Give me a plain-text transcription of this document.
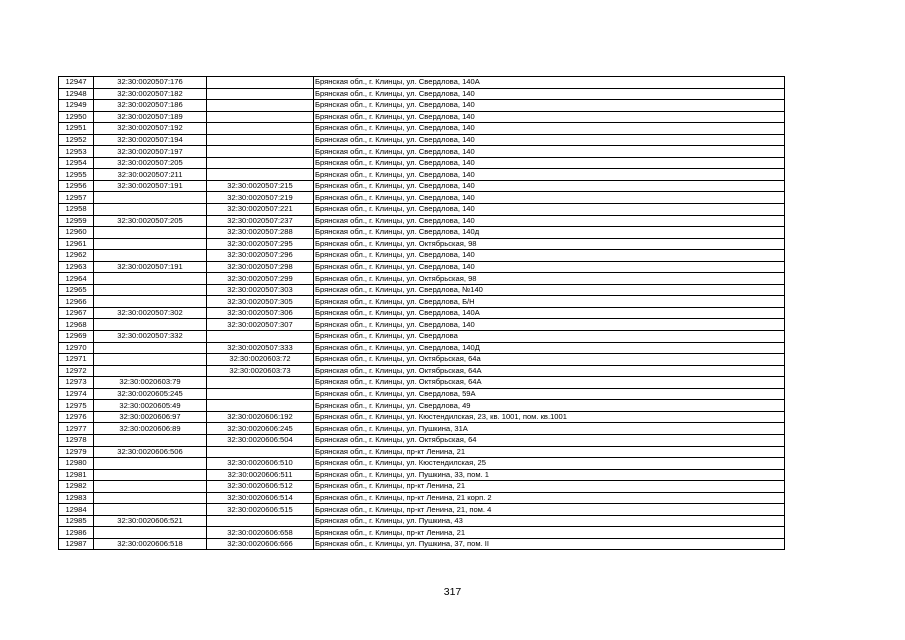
12947	32:30:0020507:176		Брянская обл., г. Клинцы, ул. Свердлова, 140А
12948	32:30:0020507:182		Брянская обл., г. Клинцы, ул. Свердлова, 140
12949	32:30:0020507:186		Брянская обл., г. Клинцы, ул. Свердлова, 140
12950	32:30:0020507:189		Брянская обл., г. Клинцы, ул. Свердлова, 140
12951	32:30:0020507:192		Брянская обл., г. Клинцы, ул. Свердлова, 140
12952	32:30:0020507:194		Брянская обл., г. Клинцы, ул. Свердлова, 140
12953	32:30:0020507:197		Брянская обл., г. Клинцы, ул. Свердлова, 140
12954	32:30:0020507:205		Брянская обл., г. Клинцы, ул. Свердлова, 140
12955	32:30:0020507:211		Брянская обл., г. Клинцы, ул. Свердлова, 140
12956	32:30:0020507:191	32:30:0020507:215	Брянская обл., г. Клинцы, ул. Свердлова, 140
12957		32:30:0020507:219	Брянская обл., г. Клинцы, ул. Свердлова, 140
12958		32:30:0020507:221	Брянская обл., г. Клинцы, ул. Свердлова, 140
12959	32:30:0020507:205	32:30:0020507:237	Брянская обл., г. Клинцы, ул. Свердлова, 140
12960		32:30:0020507:288	Брянская обл., г. Клинцы, ул. Свердлова, 140д
12961		32:30:0020507:295	Брянская обл., г. Клинцы, ул. Октябрьская, 98
12962		32:30:0020507:296	Брянская обл., г. Клинцы, ул. Свердлова, 140
12963	32:30:0020507:191	32:30:0020507:298	Брянская обл., г. Клинцы, ул. Свердлова, 140
12964		32:30:0020507:299	Брянская обл., г. Клинцы, ул. Октябрьская, 98
12965		32:30:0020507:303	Брянская обл., г. Клинцы, ул. Свердлова, №140
12966		32:30:0020507:305	Брянская обл., г. Клинцы, ул. Свердлова, Б/Н
12967	32:30:0020507:302	32:30:0020507:306	Брянская обл., г. Клинцы, ул. Свердлова, 140А
12968		32:30:0020507:307	Брянская обл., г. Клинцы, ул. Свердлова, 140
12969	32:30:0020507:332		Брянская обл., г. Клинцы, ул. Свердлова
12970		32:30:0020507:333	Брянская обл., г. Клинцы, ул. Свердлова, 140Д
12971		32:30:0020603:72	Брянская обл., г. Клинцы, ул. Октябрьская, 64а
12972		32:30:0020603:73	Брянская обл., г. Клинцы, ул. Октябрьская, 64А
12973	32:30:0020603:79		Брянская обл., г. Клинцы, ул. Октябрьская, 64А
12974	32:30:0020605:245		Брянская обл., г. Клинцы, ул. Свердлова, 59А
12975	32:30:0020605:49		Брянская обл., г. Клинцы, ул. Свердлова, 49
12976	32:30:0020606:97	32:30:0020606:192	Брянская обл., г. Клинцы, ул. Кюстендилская, 23, кв. 1001, пом. кв.1001
12977	32:30:0020606:89	32:30:0020606:245	Брянская обл., г. Клинцы, ул. Пушкина, 31А
12978		32:30:0020606:504	Брянская обл., г. Клинцы, ул. Октябрьская, 64
12979	32:30:0020606:506		Брянская обл., г. Клинцы, пр-кт Ленина, 21
12980		32:30:0020606:510	Брянская обл., г. Клинцы, ул. Кюстендилская, 25
12981		32:30:0020606:511	Брянская обл., г. Клинцы, ул. Пушкина, 33, пом. 1
12982		32:30:0020606:512	Брянская обл., г. Клинцы, пр-кт Ленина, 21
12983		32:30:0020606:514	Брянская обл., г. Клинцы, пр-кт Ленина, 21 корп. 2
12984		32:30:0020606:515	Брянская обл., г. Клинцы, пр-кт Ленина, 21, пом. 4
12985	32:30:0020606:521		Брянская обл., г. Клинцы, ул. Пушкина, 43
12986		32:30:0020606:658	Брянская обл., г. Клинцы, пр-кт Ленина, 21
12987	32:30:0020606:518	32:30:0020606:666	Брянская обл., г. Клинцы, ул. Пушкина, 37, пом. II
317
